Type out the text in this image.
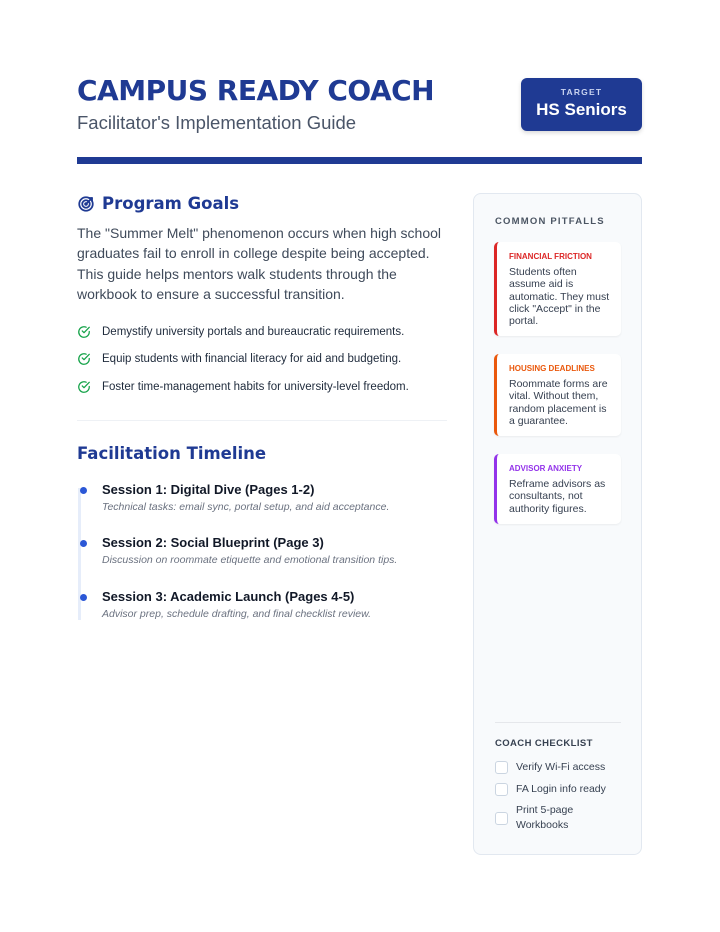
CAMPUS READY COACH
Facilitator's Implementation Guide
TARGET
HS Seniors
Program Goals

The "Summer Melt" phenomenon occurs when high school graduates fail to enroll in college despite being accepted. This guide helps mentors walk students through the workbook to ensure a successful transition.

Demystify university portals and bureaucratic requirements.
Equip students with financial literacy for aid and budgeting.
Foster time-management habits for university-level freedom.
Facilitation Timeline
Session 1: Digital Dive (Pages 1-2)
Technical tasks: email sync, portal setup, and aid acceptance.
Session 2: Social Blueprint (Page 3)
Discussion on roommate etiquette and emotional transition tips.
Session 3: Academic Launch (Pages 4-5)
Advisor prep, schedule drafting, and final checklist review.
COMMON PITFALLS
FINANCIAL FRICTION
Students often assume aid is automatic. They must click "Accept" in the portal.
HOUSING DEADLINES
Roommate forms are vital. Without them, random placement is a guarantee.
ADVISOR ANXIETY
Reframe advisors as consultants, not authority figures.
COACH CHECKLIST
Verify Wi-Fi access
FA Login info ready
Print 5-page Workbooks
